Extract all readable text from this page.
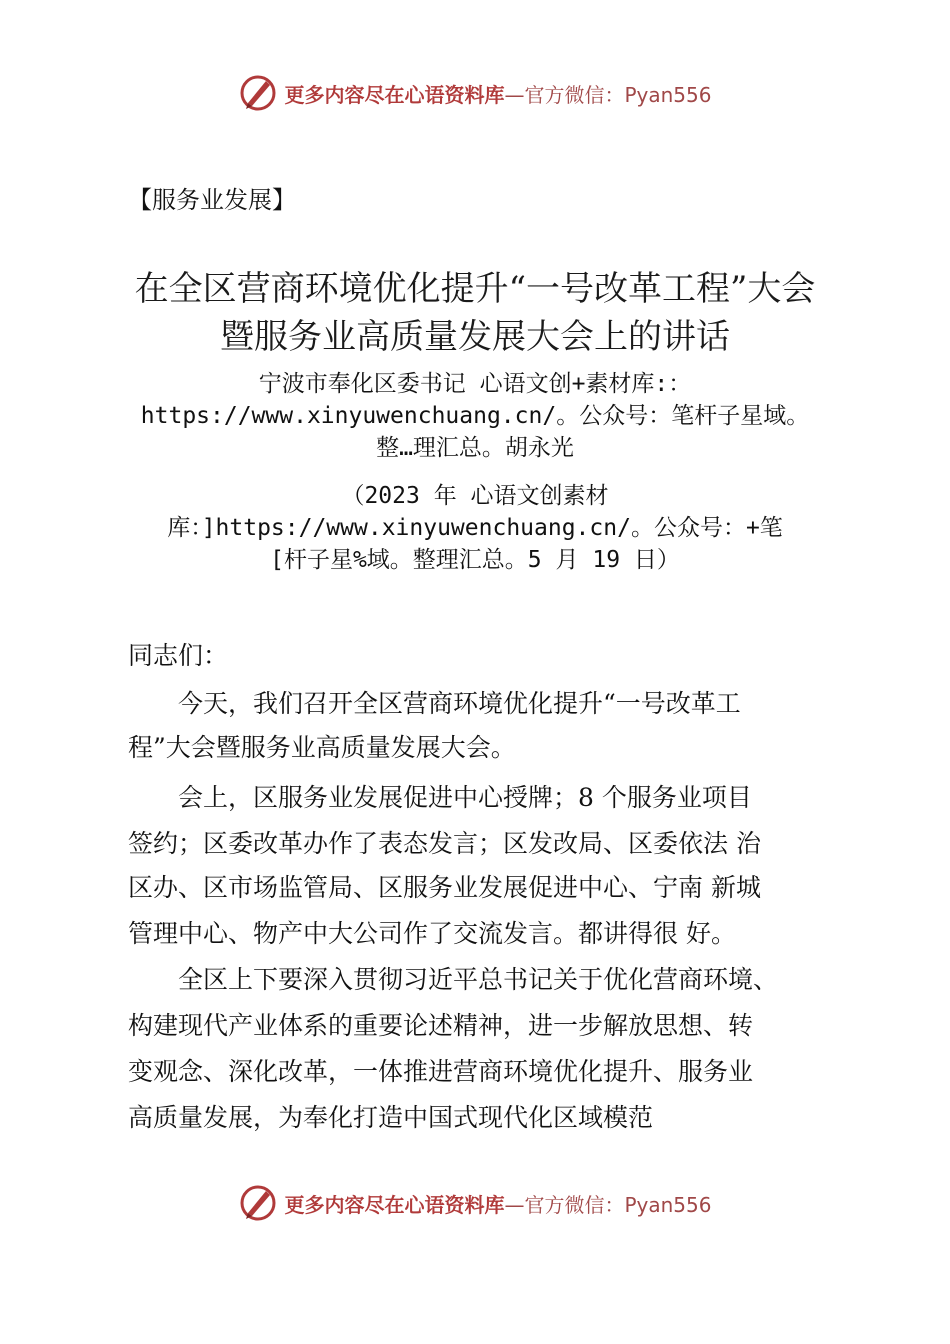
更多内容尽在心语资料库 —官方微信：Pyan556
【服务业发展】
在全区营商环境优化提升“一号改革工程”大会
暨服务业高质量发展大会上的讲话
宁波市奉化区委书记 心语文创+素材库:：
https://www.xinyuwenchuang.cn/。公众号：笔杆子星域。
整…理汇总。胡永光
（2023 年 心语文创素材
库：]https://www.xinyuwenchuang.cn/。公众号：+笔
[杆子星%域。整理汇总。5 月 19 日）
同志们：
　　今天，我们召开全区营商环境优化提升“一号改革工
程”大会暨服务业高质量发展大会。
　　会上，区服务业发展促进中心授牌；8 个服务业项目
签约；区委改革办作了表态发言；区发改局、区委依法 治
区办、区市场监管局、区服务业发展促进中心、宁南 新城
管理中心、物产中大公司作了交流发言。都讲得很 好。
　　全区上下要深入贯彻习近平总书记关于优化营商环境、
构建现代产业体系的重要论述精神，进一步解放思想、转
变观念、深化改革，一体推进营商环境优化提升、服务业
高质量发展，为奉化打造中国式现代化区域模范
更多内容尽在心语资料库 —官方微信：Pyan556
